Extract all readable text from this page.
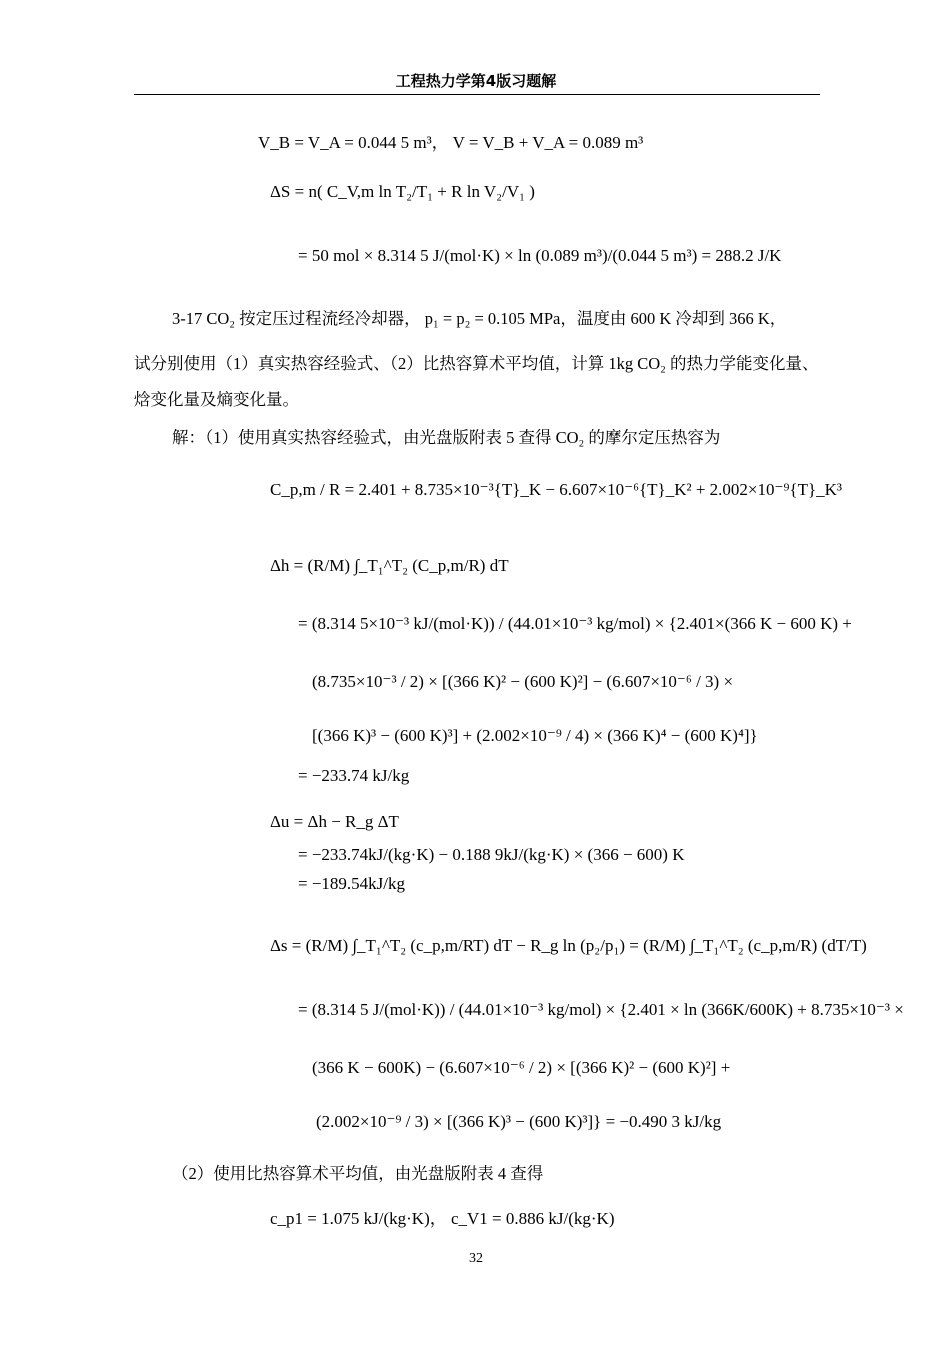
工程热力学第4版习题解
V_B = V_A = 0.044 5 m³， V = V_B + V_A = 0.089 m³
ΔS = n( C_V,m ln T₂/T₁ + R ln V₂/V₁ )
= 50 mol × 8.314 5 J/(mol·K) × ln (0.089 m³)/(0.044 5 m³) = 288.2 J/K
3-17 CO₂ 按定压过程流经冷却器， p₁ = p₂ = 0.105 MPa，温度由 600 K 冷却到 366 K，
试分别使用（1）真实热容经验式、（2）比热容算术平均值，计算 1kg CO₂ 的热力学能变化量、
焓变化量及熵变化量。
解：（1）使用真实热容经验式，由光盘版附表 5 查得 CO₂ 的摩尔定压热容为
C_p,m / R = 2.401 + 8.735×10⁻³{T}_K − 6.607×10⁻⁶{T}_K² + 2.002×10⁻⁹{T}_K³
Δh = (R/M) ∫_T₁^T₂ (C_p,m/R) dT
= (8.314 5×10⁻³ kJ/(mol·K)) / (44.01×10⁻³ kg/mol) × {2.401×(366 K − 600 K) +
(8.735×10⁻³ / 2) × [(366 K)² − (600 K)²] − (6.607×10⁻⁶ / 3) ×
[(366 K)³ − (600 K)³] + (2.002×10⁻⁹ / 4) × (366 K)⁴ − (600 K)⁴]}
= −233.74 kJ/kg
Δu = Δh − R_g ΔT
= −233.74kJ/(kg·K) − 0.188 9kJ/(kg·K) × (366 − 600) K
= −189.54kJ/kg
Δs = (R/M) ∫_T₁^T₂ (c_p,m/RT) dT − R_g ln (p₂/p₁) = (R/M) ∫_T₁^T₂ (c_p,m/R) (dT/T)
= (8.314 5 J/(mol·K)) / (44.01×10⁻³ kg/mol) × {2.401 × ln (366K/600K) + 8.735×10⁻³ ×
(366 K − 600K) − (6.607×10⁻⁶ / 2) × [(366 K)² − (600 K)²] +
(2.002×10⁻⁹ / 3) × [(366 K)³ − (600 K)³]} = −0.490 3 kJ/kg
（2）使用比热容算术平均值，由光盘版附表 4 查得
c_p1 = 1.075 kJ/(kg·K)， c_V1 = 0.886 kJ/(kg·K)
32
